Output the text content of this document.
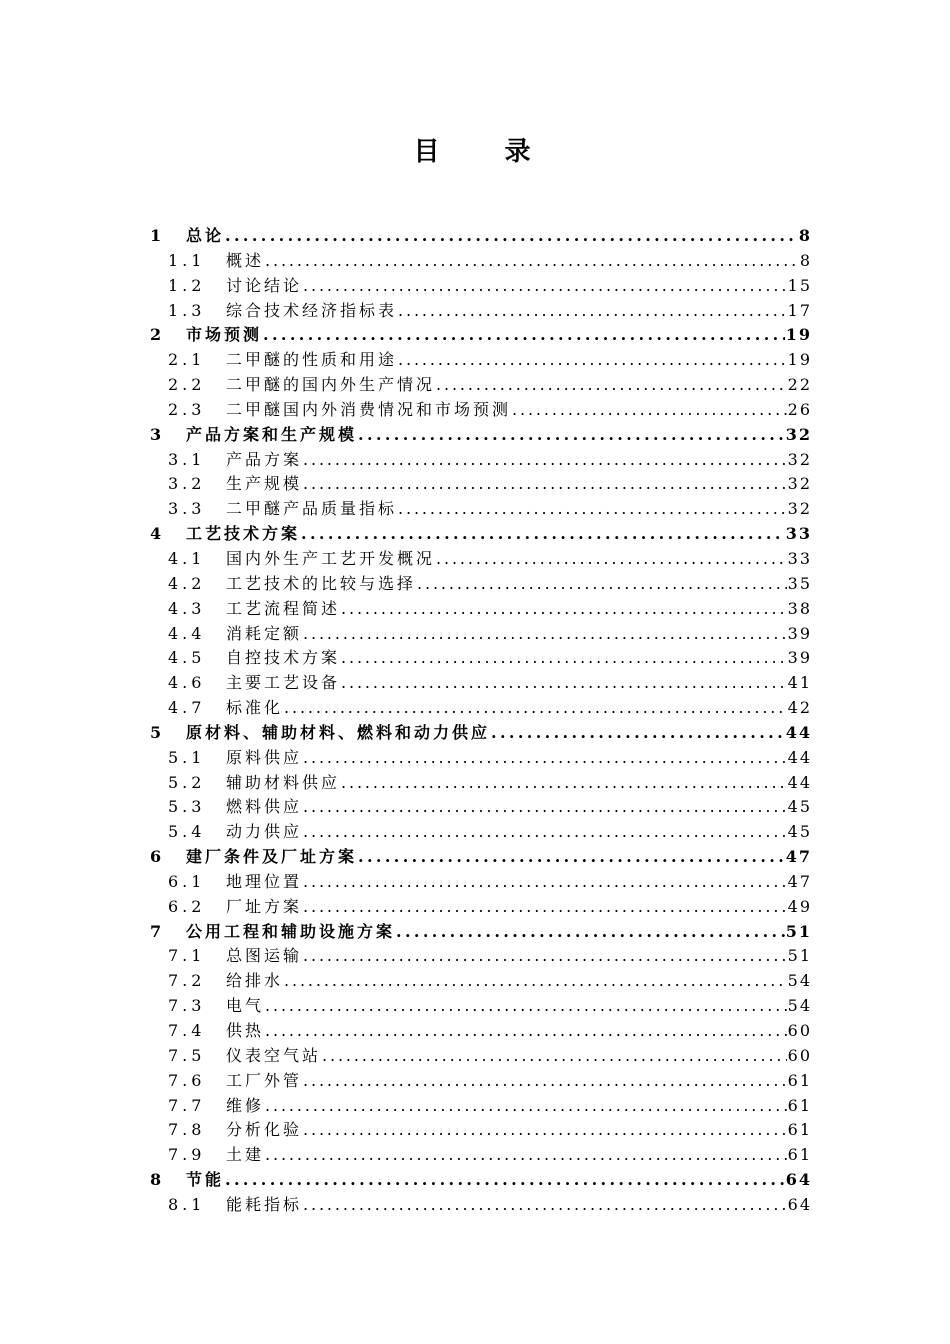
目 录
1	总论 . . .	8
1.1	概述 . . .	8
1.2	讨论结论 . . .	15
1.3	综合技术经济指标表 . . .	17
2	市场预测 . . .	19
2.1	二甲醚的性质和用途 . . .	19
2.2	二甲醚的国内外生产情况 . . .	22
2.3	二甲醚国内外消费情况和市场预测 . . .	26
3	产品方案和生产规模 . . .	32
3.1	产品方案 . . .	32
3.2	生产规模 . . .	32
3.3	二甲醚产品质量指标 . . .	32
4	工艺技术方案 . . .	33
4.1	国内外生产工艺开发概况 . . .	33
4.2	工艺技术的比较与选择 . . .	35
4.3	工艺流程简述 . . .	38
4.4	消耗定额 . . .	39
4.5	自控技术方案 . . .	39
4.6	主要工艺设备 . . .	41
4.7	标准化 . . .	42
5	原材料、辅助材料、燃料和动力供应 . . .	44
5.1	原料供应 . . .	44
5.2	辅助材料供应 . . .	44
5.3	燃料供应 . . .	45
5.4	动力供应 . . .	45
6	建厂条件及厂址方案 . . .	47
6.1	地理位置 . . .	47
6.2	厂址方案 . . .	49
7	公用工程和辅助设施方案 . . .	51
7.1	总图运输 . . .	51
7.2	给排水 . . .	54
7.3	电气 . . .	54
7.4	供热 . . .	60
7.5	仪表空气站 . . .	60
7.6	工厂外管 . . .	61
7.7	维修 . . .	61
7.8	分析化验 . . .	61
7.9	土建 . . .	61
8	节能 . . .	64
8.1	能耗指标 . . .	64
